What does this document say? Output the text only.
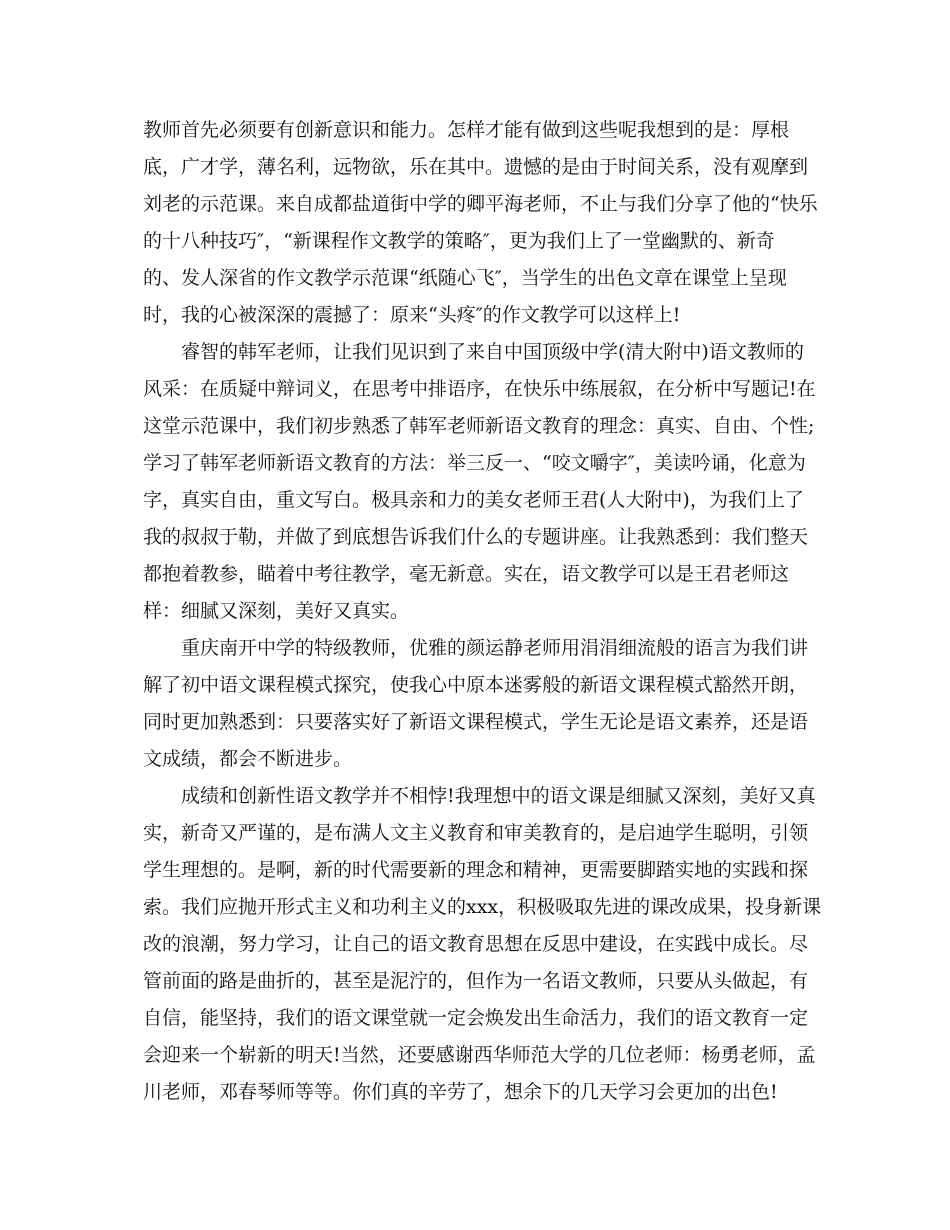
教师首先必须要有创新意识和能力。怎样才能有做到这些呢我想到的是：厚根
底，广才学，薄名利，远物欲，乐在其中。遗憾的是由于时间关系，没有观摩到
刘老的示范课。来自成都盐道街中学的卿平海老师，不止与我们分享了他的“快乐
的十八种技巧″，“新课程作文教学的策略″，更为我们上了一堂幽默的、新奇
的、发人深省的作文教学示范课“纸随心飞″，当学生的出色文章在课堂上呈现
时，我的心被深深的震撼了：原来“头疼″的作文教学可以这样上!
睿智的韩军老师，让我们见识到了来自中国顶级中学(清大附中)语文教师的
风采：在质疑中辩词义，在思考中排语序，在快乐中练展叙，在分析中写题记!在
这堂示范课中，我们初步熟悉了韩军老师新语文教育的理念：真实、自由、个性;
学习了韩军老师新语文教育的方法：举三反一、“咬文嚼字″，美读吟诵，化意为
字，真实自由，重文写白。极具亲和力的美女老师王君(人大附中)，为我们上了
我的叔叔于勒，并做了到底想告诉我们什么的专题讲座。让我熟悉到：我们整天
都抱着教参，瞄着中考往教学，毫无新意。实在，语文教学可以是王君老师这
样：细腻又深刻，美好又真实。
重庆南开中学的特级教师，优雅的颜运静老师用涓涓细流般的语言为我们讲
解了初中语文课程模式探究，使我心中原本迷雾般的新语文课程模式豁然开朗，
同时更加熟悉到：只要落实好了新语文课程模式，学生无论是语文素养，还是语
文成绩，都会不断进步。
成绩和创新性语文教学并不相悖!我理想中的语文课是细腻又深刻，美好又真
实，新奇又严谨的，是布满人文主义教育和审美教育的，是启迪学生聪明，引领
学生理想的。是啊，新的时代需要新的理念和精神，更需要脚踏实地的实践和探
索。我们应抛开形式主义和功利主义的xxx，积极吸取先进的课改成果，投身新课
改的浪潮，努力学习，让自己的语文教育思想在反思中建设，在实践中成长。尽
管前面的路是曲折的，甚至是泥泞的，但作为一名语文教师，只要从头做起，有
自信，能坚持，我们的语文课堂就一定会焕发出生命活力，我们的语文教育一定
会迎来一个崭新的明天!当然，还要感谢西华师范大学的几位老师：杨勇老师，孟
川老师，邓春琴师等等。你们真的辛劳了，想余下的几天学习会更加的出色!
